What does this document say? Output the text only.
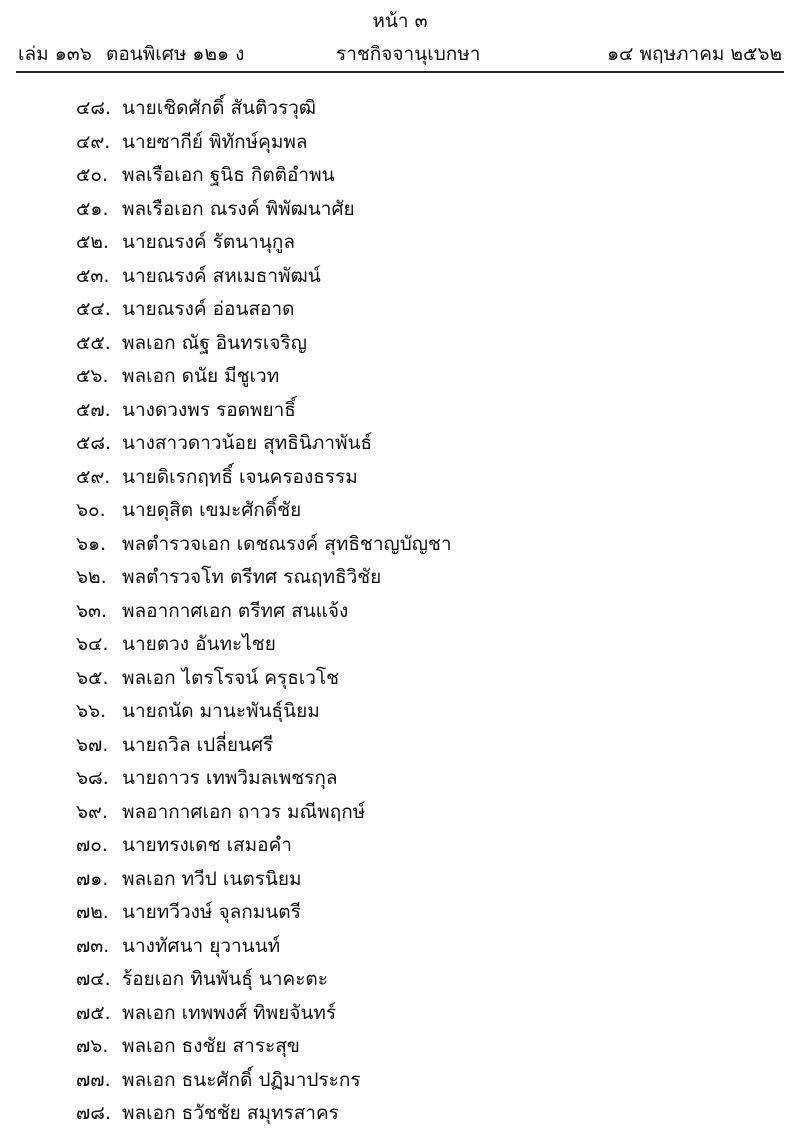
หน้า ๓
เล่ม ๑๓๖ ตอนพิเศษ ๑๒๑ ง	ราชกิจจานุเบกษา	๑๔ พฤษภาคม ๒๕๖๒
๔๘. นายเชิดศักดิ์ สันติวรวุฒิ
๔๙. นายซากีย์ พิทักษ์คุมพล
๕๐. พลเรือเอก ฐนิธ กิตติอำพน
๕๑. พลเรือเอก ณรงค์ พิพัฒนาศัย
๕๒. นายณรงค์ รัตนานุกูล
๕๓. นายณรงค์ สหเมธาพัฒน์
๕๔. นายณรงค์ อ่อนสอาด
๕๕. พลเอก ณัฐ อินทรเจริญ
๕๖. พลเอก ดนัย มีชูเวท
๕๗. นางดวงพร รอดพยาธิ์
๕๘. นางสาวดาวน้อย สุทธินิภาพันธ์
๕๙. นายดิเรกฤทธิ์ เจนครองธรรม
๖๐. นายดุสิต เขมะศักดิ์ชัย
๖๑. พลตำรวจเอก เดชณรงค์ สุทธิชาญบัญชา
๖๒. พลตำรวจโท ตรีทศ รณฤทธิวิชัย
๖๓. พลอากาศเอก ตรีทศ สนแจ้ง
๖๔. นายตวง อันทะไชย
๖๕. พลเอก ไตรโรจน์ ครุธเวโช
๖๖. นายถนัด มานะพันธุ์นิยม
๖๗. นายถวิล เปลี่ยนศรี
๖๘. นายถาวร เทพวิมลเพชรกุล
๖๙. พลอากาศเอก ถาวร มณีพฤกษ์
๗๐. นายทรงเดช เสมอคำ
๗๑. พลเอก ทวีป เนตรนิยม
๗๒. นายทวีวงษ์ จุลกมนตรี
๗๓. นางทัศนา ยุวานนท์
๗๔. ร้อยเอก ทินพันธุ์ นาคะตะ
๗๕. พลเอก เทพพงศ์ ทิพยจันทร์
๗๖. พลเอก ธงชัย สาระสุข
๗๗. พลเอก ธนะศักดิ์ ปฏิมาประกร
๗๘. พลเอก ธวัชชัย สมุทรสาคร
